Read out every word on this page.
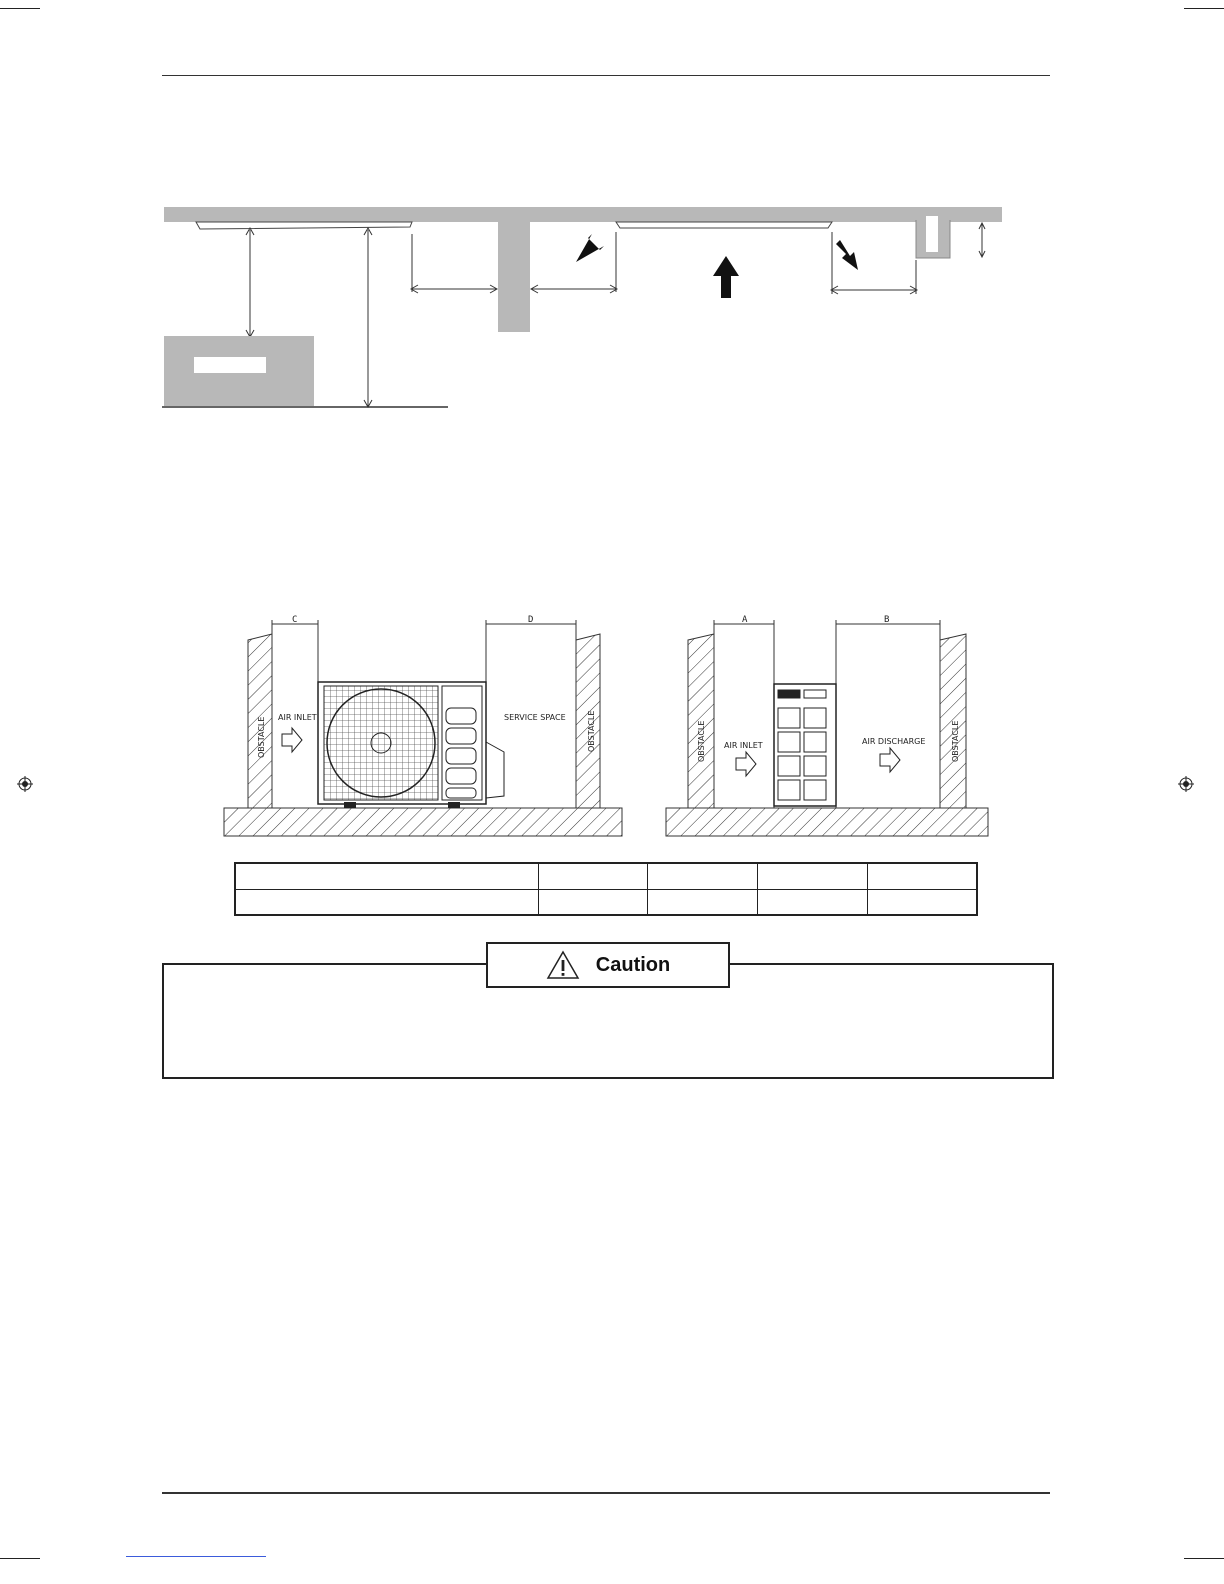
C	D
OBSTACLE	OBSTACLE
AIR INLET	SERVICE SPACE
A	B
OBSTACLE	OBSTACLE
AIR INLET	AIR DISCHARGE

Caution
